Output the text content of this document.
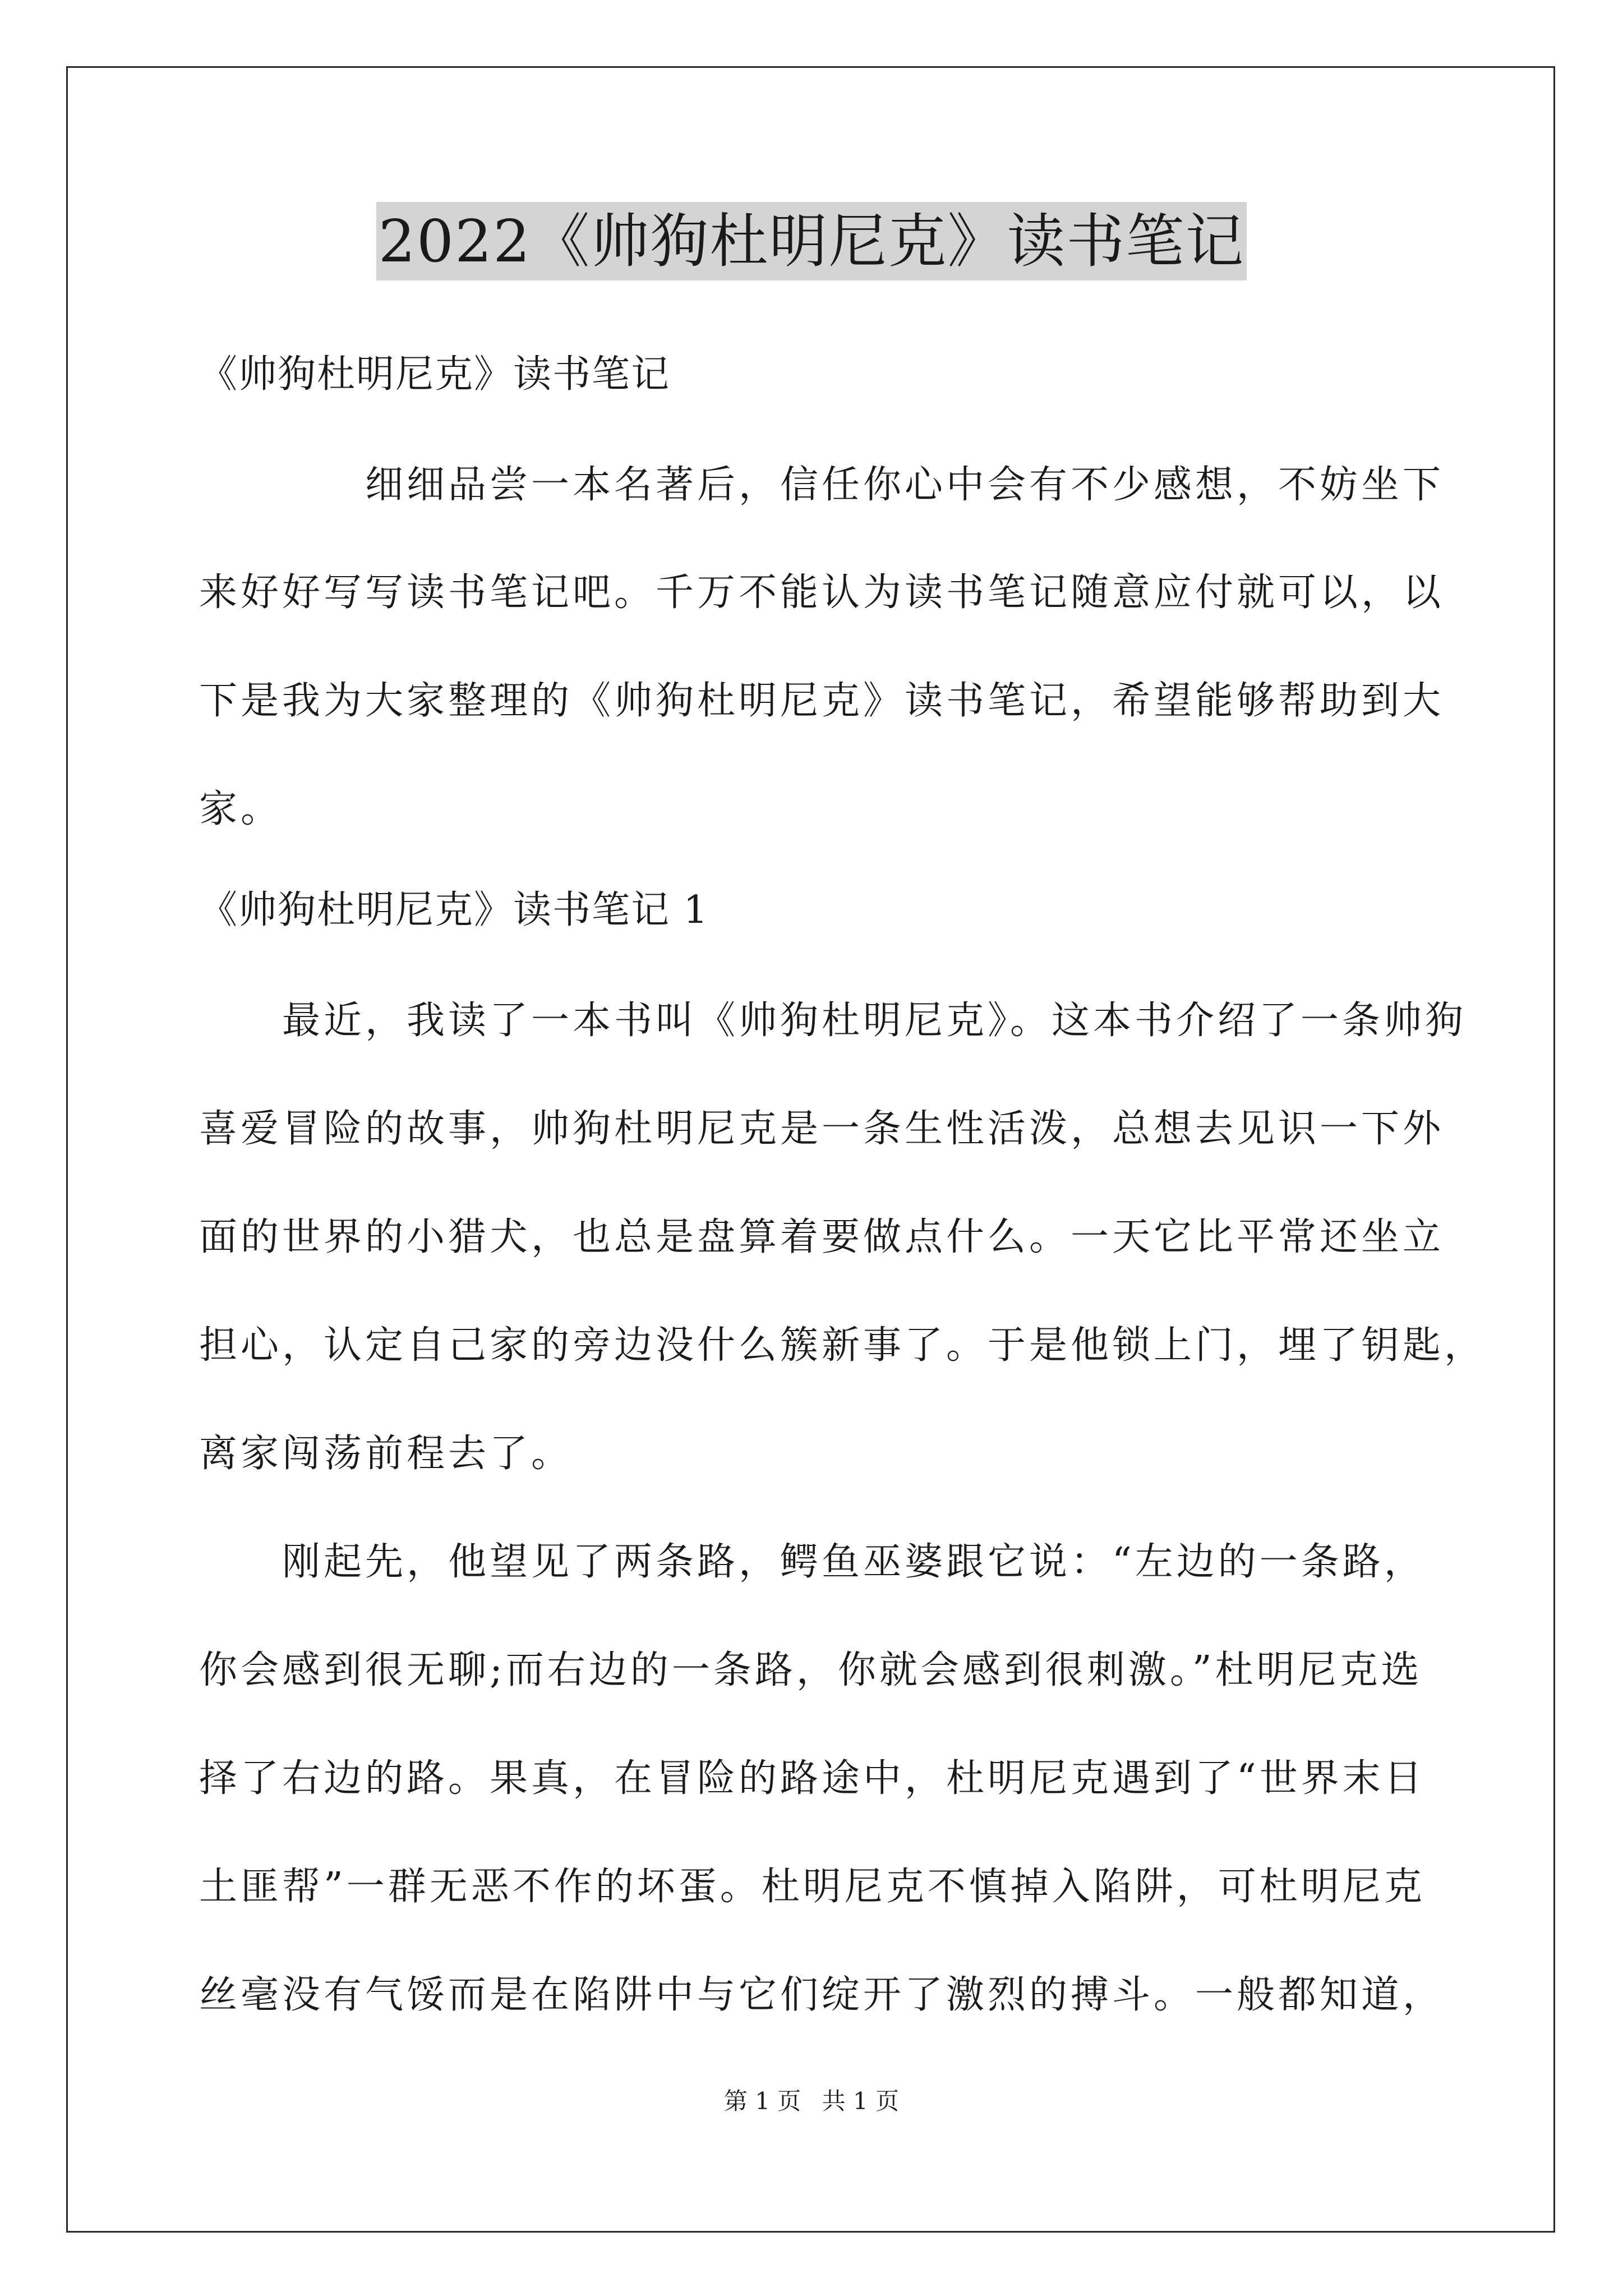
2022《帅狗杜明尼克》读书笔记
《帅狗杜明尼克》读书笔记
　　　　细细品尝一本名著后，信任你心中会有不少感想，不妨坐下
来好好写写读书笔记吧。千万不能认为读书笔记随意应付就可以，以
下是我为大家整理的《帅狗杜明尼克》读书笔记，希望能够帮助到大
家。
《帅狗杜明尼克》读书笔记 1
　　最近，我读了一本书叫《帅狗杜明尼克》。这本书介绍了一条帅狗
喜爱冒险的故事，帅狗杜明尼克是一条生性活泼，总想去见识一下外
面的世界的小猎犬，也总是盘算着要做点什么。一天它比平常还坐立
担心，认定自己家的旁边没什么簇新事了。于是他锁上门，埋了钥匙，
离家闯荡前程去了。
　　刚起先，他望见了两条路，鳄鱼巫婆跟它说：“左边的一条路，
你会感到很无聊;而右边的一条路，你就会感到很刺激。”杜明尼克选
择了右边的路。果真，在冒险的路途中，杜明尼克遇到了“世界末日
土匪帮”一群无恶不作的坏蛋。杜明尼克不慎掉入陷阱，可杜明尼克
丝毫没有气馁而是在陷阱中与它们绽开了激烈的搏斗。一般都知道，
第 1 页 共 1 页
